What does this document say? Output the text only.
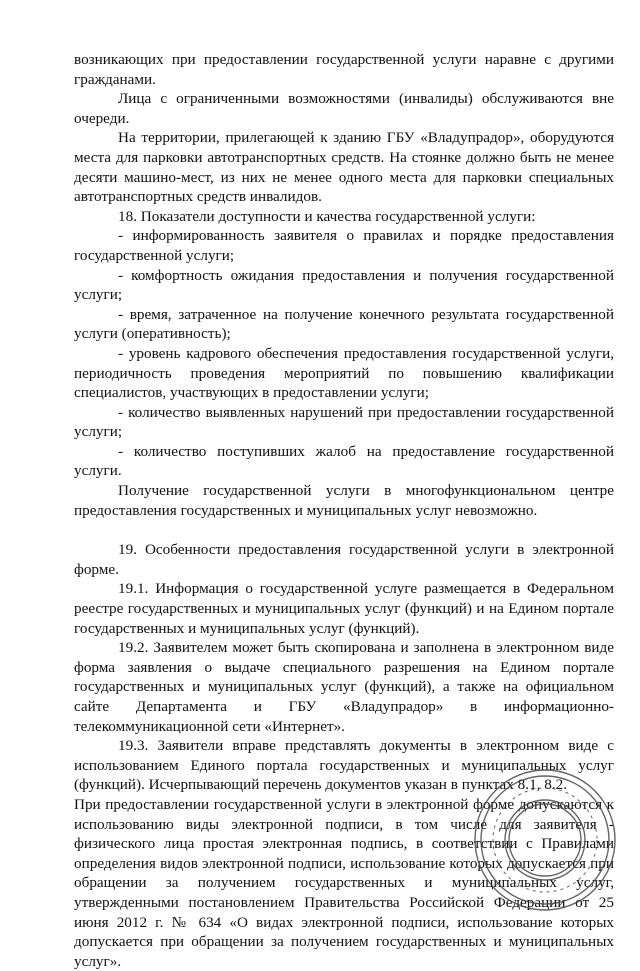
возникающих при предоставлении государственной услуги наравне с другими гражданами.

Лица с ограниченными возможностями (инвалиды) обслуживаются вне очереди.

На территории, прилегающей к зданию ГБУ «Владупрадор», оборудуются места для парковки автотранспортных средств. На стоянке должно быть не менее десяти машино-мест, из них не менее одного места для парковки специальных автотранспортных средств инвалидов.

18. Показатели доступности и качества государственной услуги:

- информированность заявителя о правилах и порядке предоставления государственной услуги;

- комфортность ожидания предоставления и получения государственной услуги;

- время, затраченное на получение конечного результата государственной услуги (оперативность);

- уровень кадрового обеспечения предоставления государственной услуги, периодичность проведения мероприятий по повышению квалификации специалистов, участвующих в предоставлении услуги;

- количество выявленных нарушений при предоставлении государственной услуги;

- количество поступивших жалоб на предоставление государственной услуги.

Получение государственной услуги в многофункциональном центре предоставления государственных и муниципальных услуг невозможно.

19. Особенности предоставления государственной услуги в электронной форме.

19.1. Информация о государственной услуге размещается в Федеральном реестре государственных и муниципальных услуг (функций) и на Едином портале государственных и муниципальных услуг (функций).

19.2. Заявителем может быть скопирована и заполнена в электронном виде форма заявления о выдаче специального разрешения на Едином портале государственных и муниципальных услуг (функций), а также на официальном сайте Департамента и ГБУ «Владупрадор» в информационно-телекоммуникационной сети «Интернет».

19.3. Заявители вправе представлять документы в электронном виде с использованием Единого портала государственных и муниципальных услуг (функций). Исчерпывающий перечень документов указан в пунктах 8.1, 8.2.

При предоставлении государственной услуги в электронной форме допускаются к использованию виды электронной подписи, в том числе для заявителя - физического лица простая электронная подпись, в соответствии с Правилами определения видов электронной подписи, использование которых допускается при обращении за получением государственных и муниципальных услуг, утвержденными постановлением Правительства Российской Федерации от 25 июня 2012 г. № 634 «О видах электронной подписи, использование которых допускается при обращении за получением государственных и муниципальных услуг».
